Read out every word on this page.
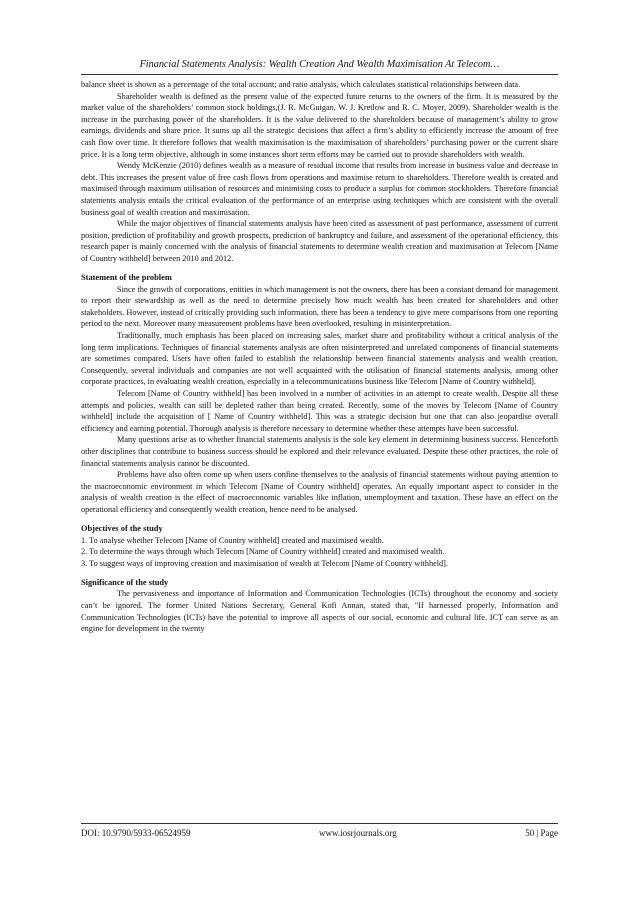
Financial Statements Analysis: Wealth Creation And Wealth Maximisation At Telecom…

balance sheet is shown as a percentage of the total account; and ratio analysis, which calculates statistical relationships between data.

Shareholder wealth is defined as the present value of the expected future returns to the owners of the firm. It is measured by the market value of the shareholders’ common stock holdings,(J. R. McGuigan, W. J. Kretlow and R. C. Moyer, 2009). Shareholder wealth is the increase in the purchasing power of the shareholders. It is the value delivered to the shareholders because of management’s ability to grow earnings, dividends and share price. It sums up all the strategic decisions that affect a firm’s ability to efficiently increase the amount of free cash flow over time. It therefore follows that wealth maximisation is the maximisation of shareholders’ purchasing power or the current share price. It is a long term objective, although in some instances short term efforts may be carried out to provide shareholders with wealth.

Wendy McKenzie (2010) defines wealth as a measure of residual income that results from increase in business value and decrease in debt. This increases the present value of free cash flows from operations and maximise return to shareholders. Therefore wealth is created and maximised through maximum utilisation of resources and minimising costs to produce a surplus for common stockholders. Therefore financial statements analysis entails the critical evaluation of the performance of an enterprise using techniques which are consistent with the overall business goal of wealth creation and maximisation.

While the major objectives of financial statements analysis have been cited as assessment of past performance, assessment of current position, prediction of profitability and growth prospects, prediction of bankruptcy and failure, and assessment of the operational efficiency, this research paper is mainly concerned with the analysis of financial statements to determine wealth creation and maximisation at Telecom [Name of Country withheld] between 2010 and 2012.

Statement of the problem

Since the growth of corporations, entities in which management is not the owners, there has been a constant demand for management to report their stewardship as well as the need to determine precisely how much wealth has been created for shareholders and other stakeholders. However, instead of critically providing such information, there has been a tendency to give mere comparisons from one reporting period to the next. Moreover many measurement problems have been overlooked, resulting in misinterpretation.

Traditionally, much emphasis has been placed on increasing sales, market share and profitability without a critical analysis of the long term implications. Techniques of financial statements analysis are often misinterpreted and unrelated components of financial statements are sometimes compared. Users have often failed to establish the relationship between financial statements analysis and wealth creation. Consequently, several individuals and companies are not well acquainted with the utilisation of financial statements analysis, among other corporate practices, in evaluating wealth creation, especially in a telecommunications business like Telecom [Name of Country withheld].

Telecom [Name of Country withheld] has been involved in a number of activities in an attempt to create wealth. Despite all these attempts and policies, wealth can still be depleted rather than being created. Recently, some of the moves by Telecom [Name of Country withheld] include the acquisition of [ Name of Country withheld]. This was a strategic decision but one that can also jeopardise overall efficiency and earning potential. Thorough analysis is therefore necessary to determine whether these attempts have been successful.

Many questions arise as to whether financial statements analysis is the sole key element in determining business success. Henceforth other disciplines that contribute to business success should be explored and their relevance evaluated. Despite these other practices, the role of financial statements analysis cannot be discounted.

Problems have also often come up when users confine themselves to the analysis of financial statements without paying attention to the macroeconomic environment in which Telecom [Name of Country withheld] operates. An equally important aspect to consider in the analysis of wealth creation is the effect of macroeconomic variables like inflation, unemployment and taxation. These have an effect on the operational efficiency and consequently wealth creation, hence need to be analysed.

Objectives of the study

1. To analyse whether Telecom [Name of Country withheld] created and maximised wealth.

2. To determine the ways through which Telecom [Name of Country withheld] created and maximised wealth.

3. To suggest ways of improving creation and maximisation of wealth at Telecom [Name of Country withheld].

Significance of the study

The pervasiveness and importance of Information and Communication Technologies (ICTs) throughout the economy and society can’t be ignored. The former United Nations Secretary, General Kofi Annan, stated that, "If harnessed properly, Information and Communication Technologies (ICTs) have the potential to improve all aspects of our social, economic and cultural life. ICT can serve as an engine for development in the twenty

DOI: 10.9790/5933-06524959	www.iosrjournals.org	50 | Page
